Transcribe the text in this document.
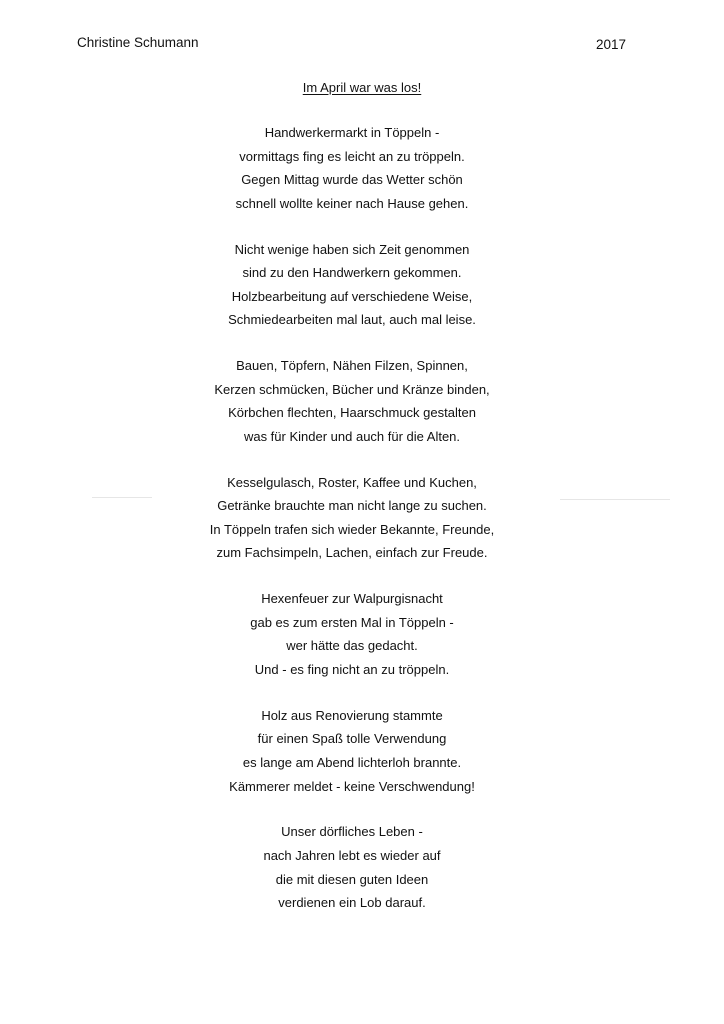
Christine Schumann	2017
Im April war was los!
Handwerkermarkt in Töppeln -
vormittags fing es leicht an zu tröppeln.
Gegen Mittag wurde das Wetter schön
schnell wollte keiner nach Hause gehen.
Nicht wenige haben sich Zeit genommen
sind zu den Handwerkern gekommen.
Holzbearbeitung auf verschiedene Weise,
Schmiedearbeiten mal laut, auch mal leise.
Bauen, Töpfern, Nähen Filzen, Spinnen,
Kerzen schmücken, Bücher und Kränze binden,
Körbchen flechten, Haarschmuck gestalten
was für Kinder und auch für die Alten.
Kesselgulasch, Roster, Kaffee und Kuchen,
Getränke brauchte man nicht lange zu suchen.
In Töppeln trafen sich wieder Bekannte, Freunde,
zum Fachsimpeln, Lachen, einfach zur Freude.
Hexenfeuer zur Walpurgisnacht
gab es zum ersten Mal in Töppeln -
wer hätte das gedacht.
Und - es fing nicht an zu tröppeln.
Holz aus Renovierung stammte
für einen Spaß tolle Verwendung
es lange am Abend lichterloh brannte.
Kämmerer meldet - keine Verschwendung!
Unser dörfliches Leben -
nach Jahren lebt es wieder auf
die mit diesen guten Ideen
verdienen ein Lob darauf.
